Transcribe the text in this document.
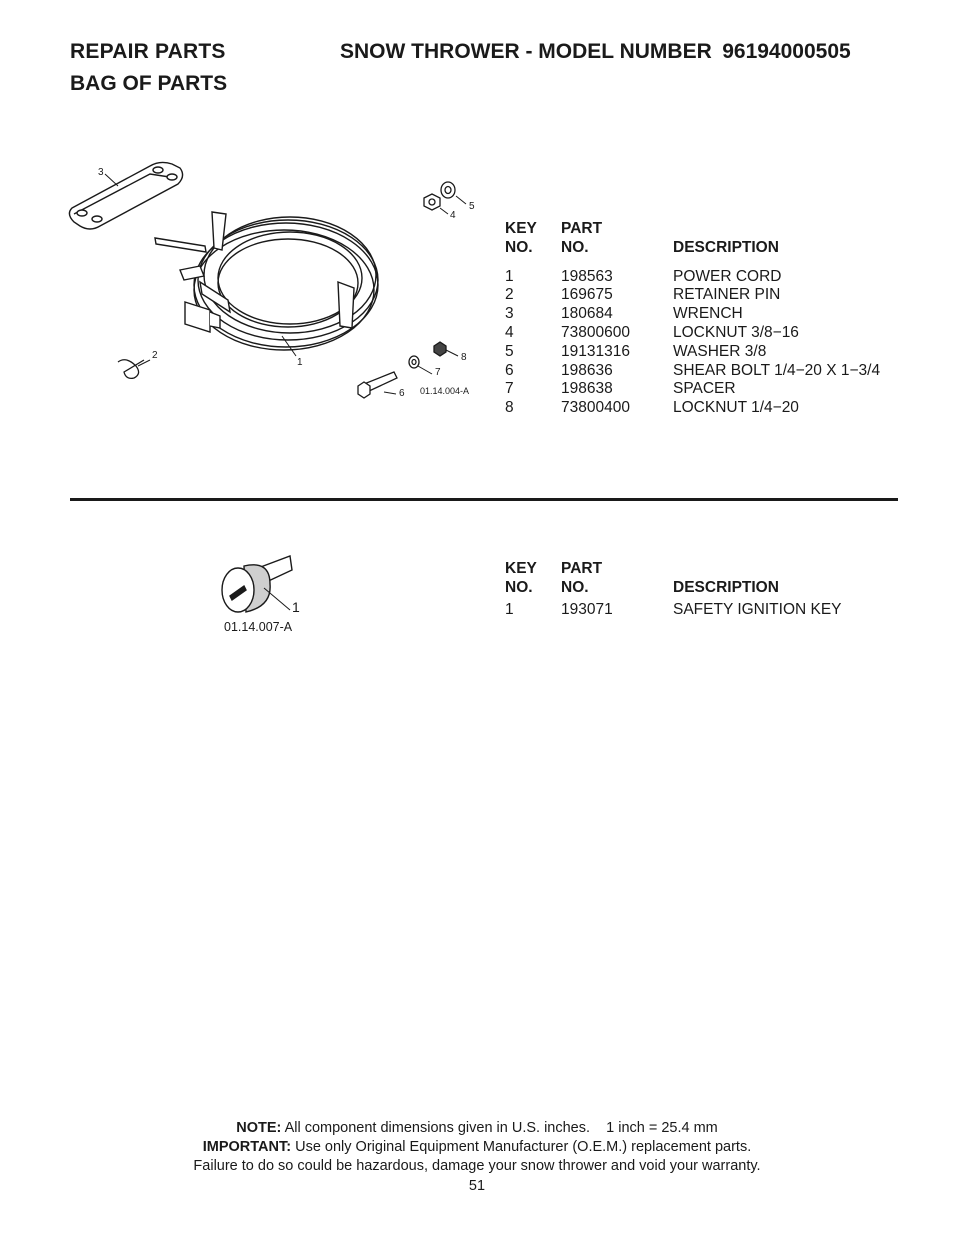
REPAIR PARTS	SNOW THROWER - MODEL NUMBER 96194000505
BAG OF PARTS
1
2
3
4
5
6
7
8
01.14.004-A
KEY PART
NO. NO.	DESCRIPTION
1	198563	POWER CORD
2	169675	RETAINER PIN
3	180684	WRENCH
4	73800600	LOCKNUT 3/8−16
5	19131316	WASHER 3/8
6	198636	SHEAR BOLT 1/4−20 X 1−3/4
7	198638	SPACER
8	73800400	LOCKNUT 1/4−20
1
01.14.007-A
KEY PART
NO. NO.	DESCRIPTION
1	193071	SAFETY IGNITION KEY
NOTE: All component dimensions given in U.S. inches.    1 inch = 25.4 mm
IMPORTANT: Use only Original Equipment Manufacturer (O.E.M.) replacement parts.
Failure to do so could be hazardous, damage your snow thrower and void your warranty.
51
